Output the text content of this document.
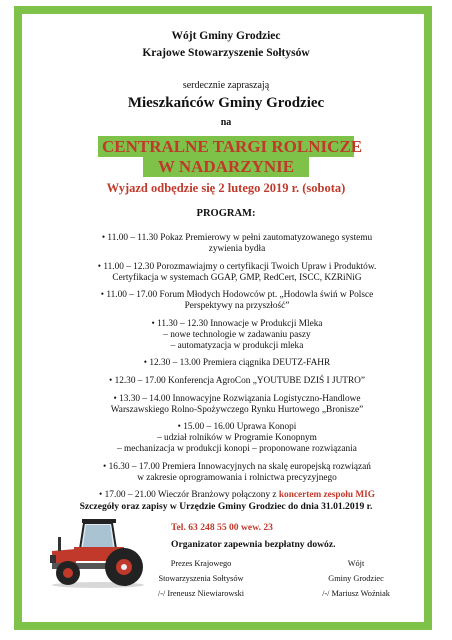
Wójt Gminy Grodziec
Krajowe Stowarzyszenie Sołtysów
serdecznie zapraszają
Mieszkańców Gminy Grodziec
na
CENTRALNE TARGI ROLNICZE
W NADARZYNIE
Wyjazd odbędzie się 2 lutego 2019 r. (sobota)
PROGRAM:
• 11.00 – 11.30 Pokaz Premierowy w pełni zautomatyzowanego systemu
zywienia bydła
• 11.00 – 12.30 Porozmawiajmy o certyfikacji Twoich Upraw i Produktów.
Certyfikacja w systemach GGAP, GMP, RedCert, ISCC, KZRiNiG
• 11.00 – 17.00 Forum Młodych Hodowców pt. „Hodowla świń w Polsce
Perspektywy na przyszłość”
• 11.30 – 12.30 Innowacje w Produkcji Mleka
– nowe technologie w zadawaniu paszy
– automatyzacja w produkcji mleka
• 12.30 – 13.00 Premiera ciągnika DEUTZ-FAHR
• 12.30 – 17.00 Konferencja AgroCon „YOUTUBE DZIŚ I JUTRO”
• 13.30 – 14.00 Innowacyjne Rozwiązania Logistyczno-Handlowe
Warszawskiego Rolno-Spożywczego Rynku Hurtowego „Bronisze”
• 15.00 – 16.00 Uprawa Konopi
– udział rolników w Programie Konopnym
– mechanizacja w produkcji konopi – proponowane rozwiązania
• 16.30 – 17.00 Premiera Innowacyjnych na skalę europejską rozwiązań
w zakresie oprogramowania i rolnictwa precyzyjnego
• 17.00 – 21.00 Wieczór Branżowy połączony z koncertem zespołu MIG
Szczegóły oraz zapisy w Urzędzie Gminy Grodziec do dnia 31.01.2019 r.
Tel. 63 248 55 00 wew. 23
Organizator zapewnia bezpłatny dowóz.
Prezes Krajowego
Stowarzyszenia Sołtysów
/-/ Ireneusz Niewiarowski
Wójt
Gminy Grodziec
/-/ Mariusz Woźniak
